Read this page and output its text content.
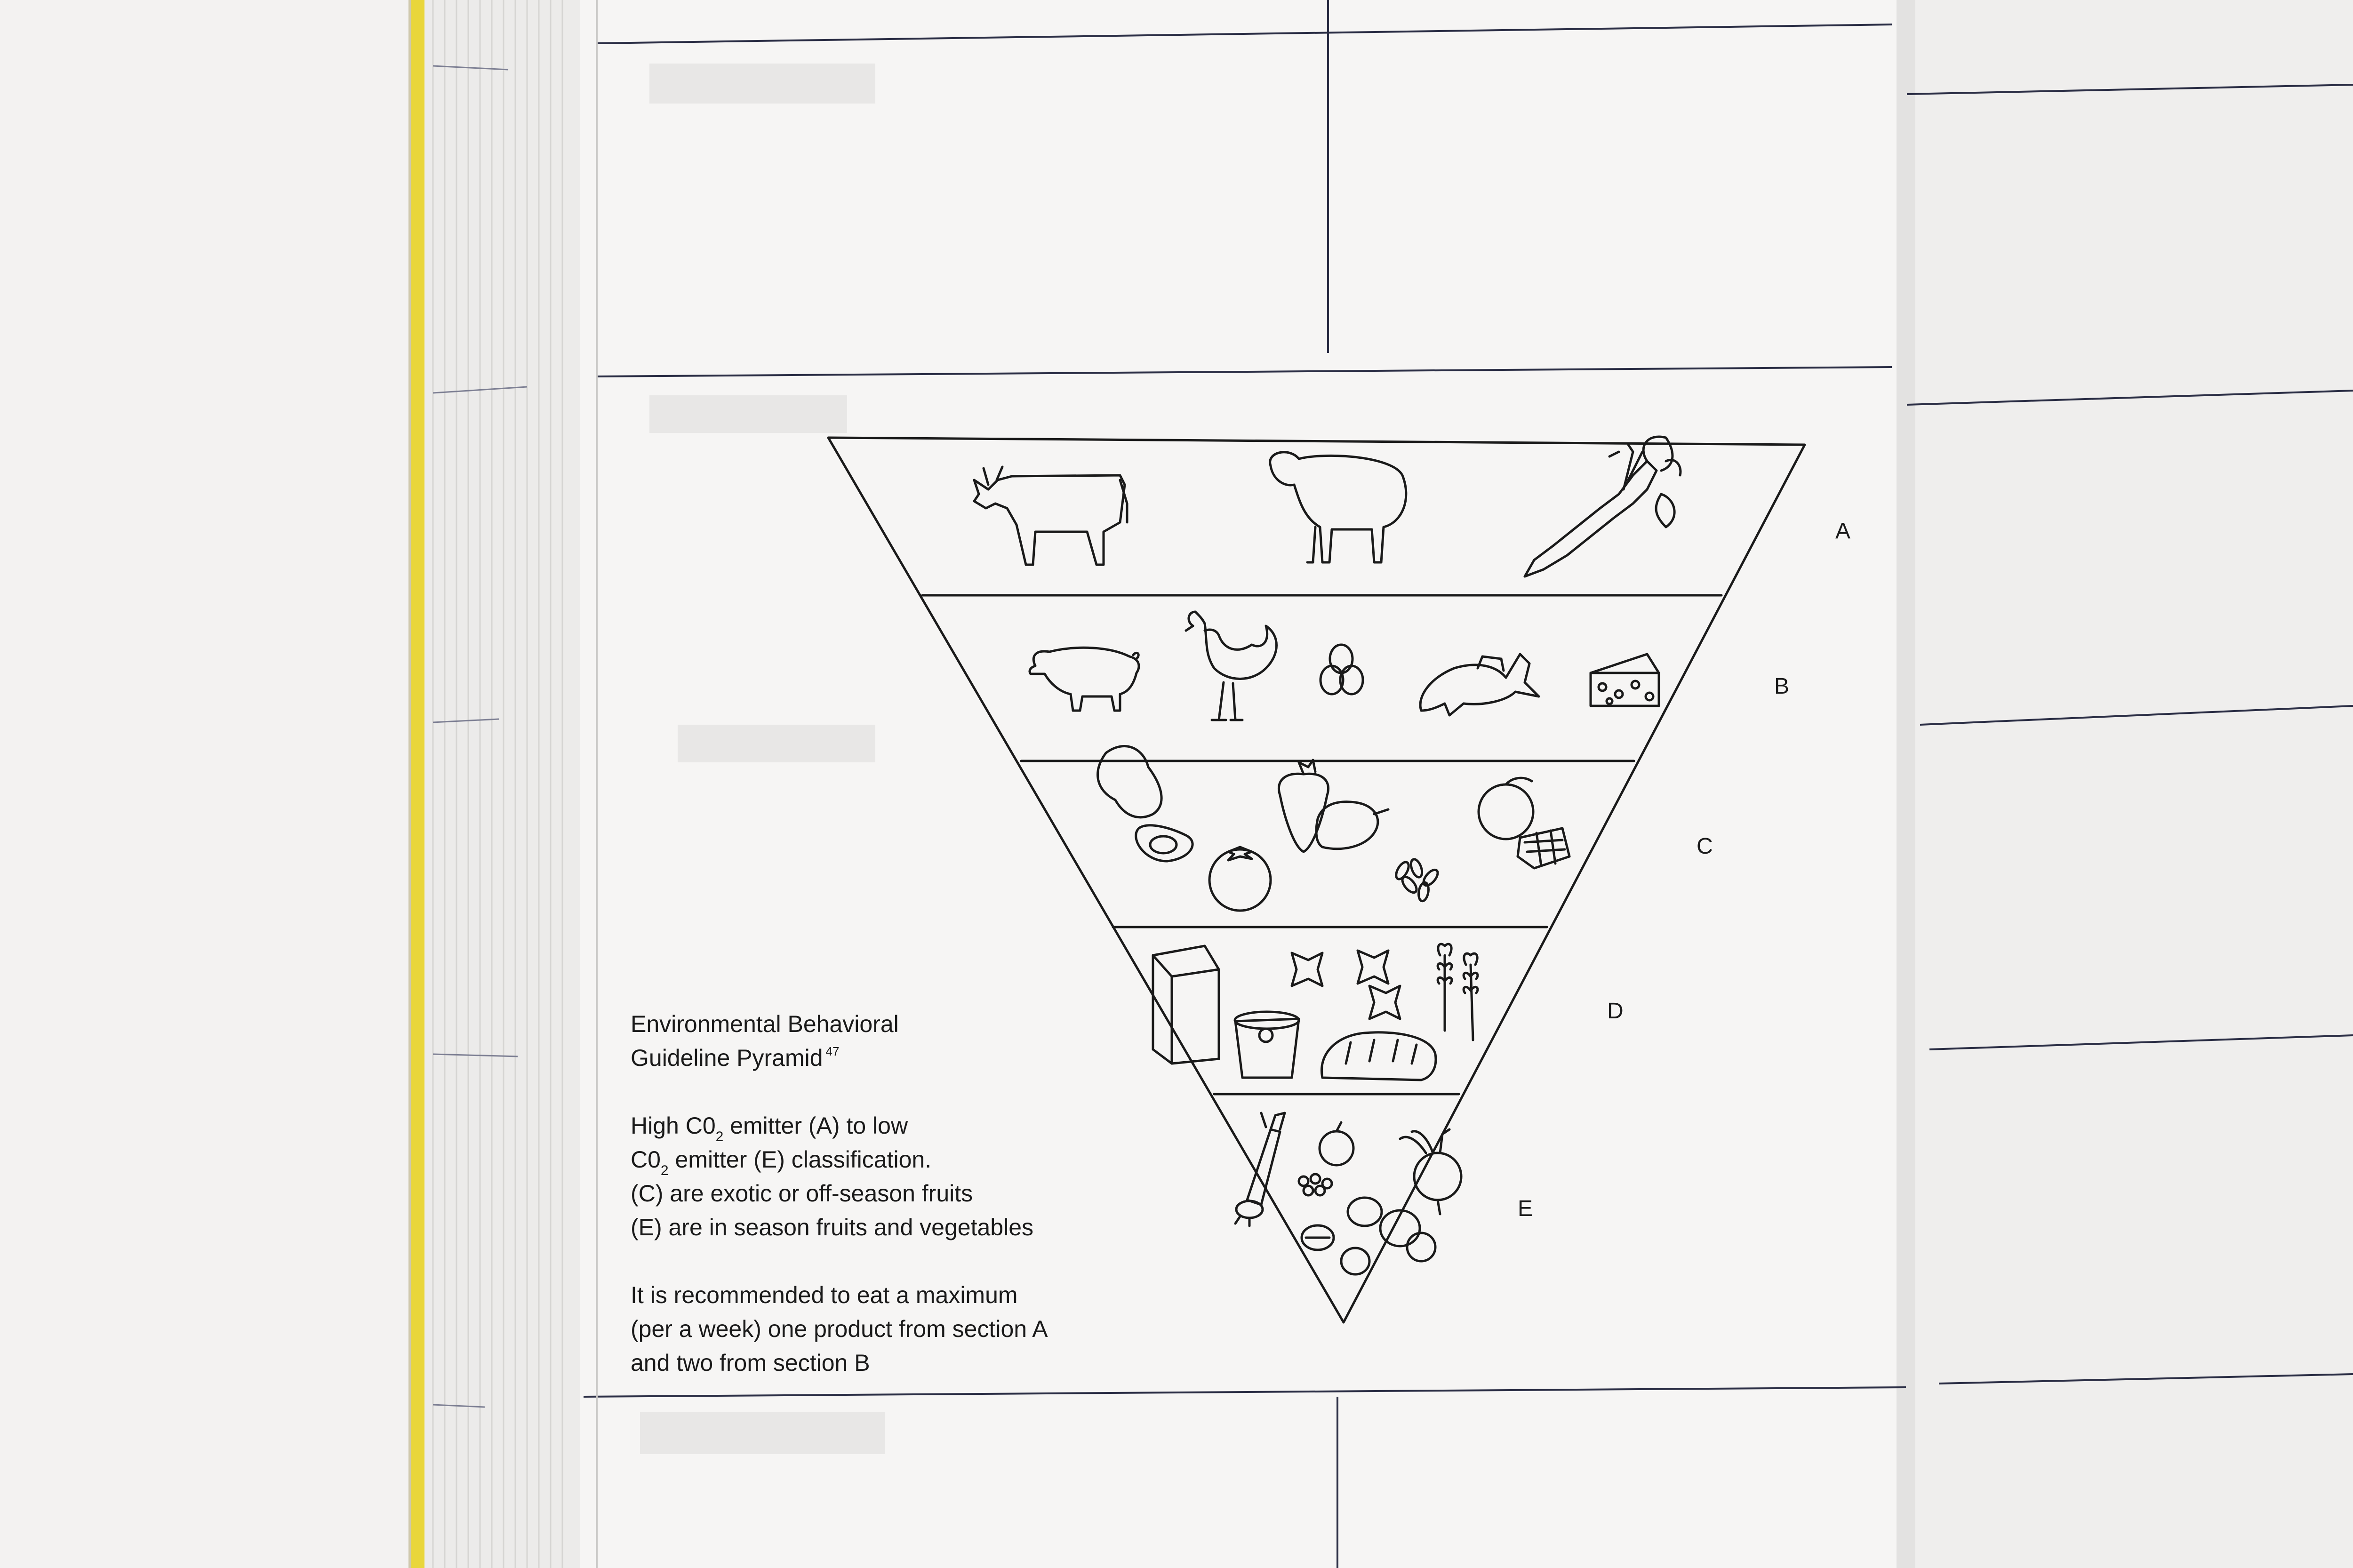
A
B
C
D
E

Environmental Behavioral

Guideline Pyramid $^{47}$

High $C0_2$ emitter (A) to low

$C0_2$ emitter (E) classification.

(C) are exotic or off-season fruits

(E) are in season fruits and vegetables

It is recommended to eat a maximum

(per a week) one product from section A

and two from section B
